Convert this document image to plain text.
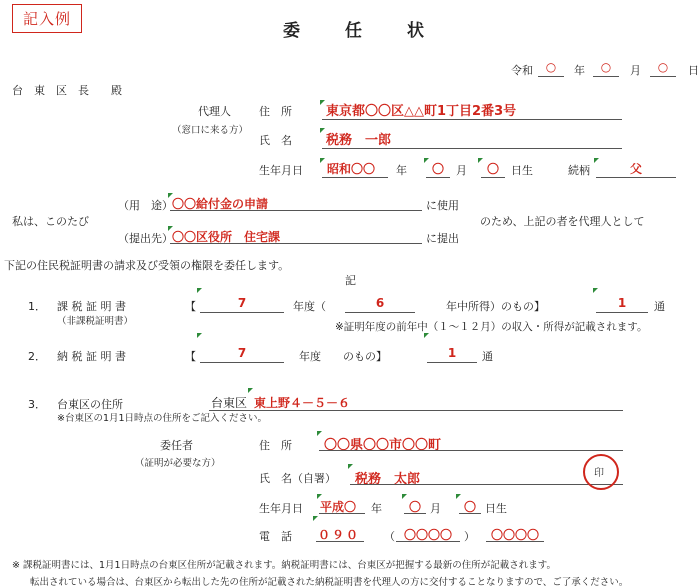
記入例
委　任　状
令和	○	年	○	月	○	日
台　東　区　長　　殿
代理人
（窓口に来る方）
住　所	東京都〇〇区△△町1丁目2番3号
氏　名	税務　一郎
生年月日 昭和〇〇 年	〇	月	〇	日生	続柄	父
（用　途） 〇〇給付金の申請	に使用
私は、このたび	のため、上記の者を代理人として
（提出先） 〇〇区役所　住宅課	に提出
下記の住民税証明書の請求及び受領の権限を委任します。
記
1． 課 税 証 明 書
（非課税証明書）
【	7	年度（	6	年中所得）のもの】	1	通
※証明年度の前年中（１～１２月）の収入・所得が記載されます。
2． 納 税 証 明 書	【	7	年度　　のもの】	1	通
3． 台東区の住所	台東区 東上野４－５－６
※台東区の1月1日時点の住所をご記入ください。
委任者
（証明が必要な方）
住　所 〇〇県〇〇市〇〇町
氏　名（自署） 税務　太郎	印
生年月日 平成〇 年	〇 月	〇 日生
電　話 ０９０ （ 〇〇〇〇	）	〇〇〇〇
※ 課税証明書には、1月1日時点の台東区住所が記載されます。納税証明書には、台東区が把握する最新の住所が記載されます。
転出されている場合は、台東区から転出した先の住所が記載された納税証明書を代理人の方に交付することなりますので、ご了承ください。
